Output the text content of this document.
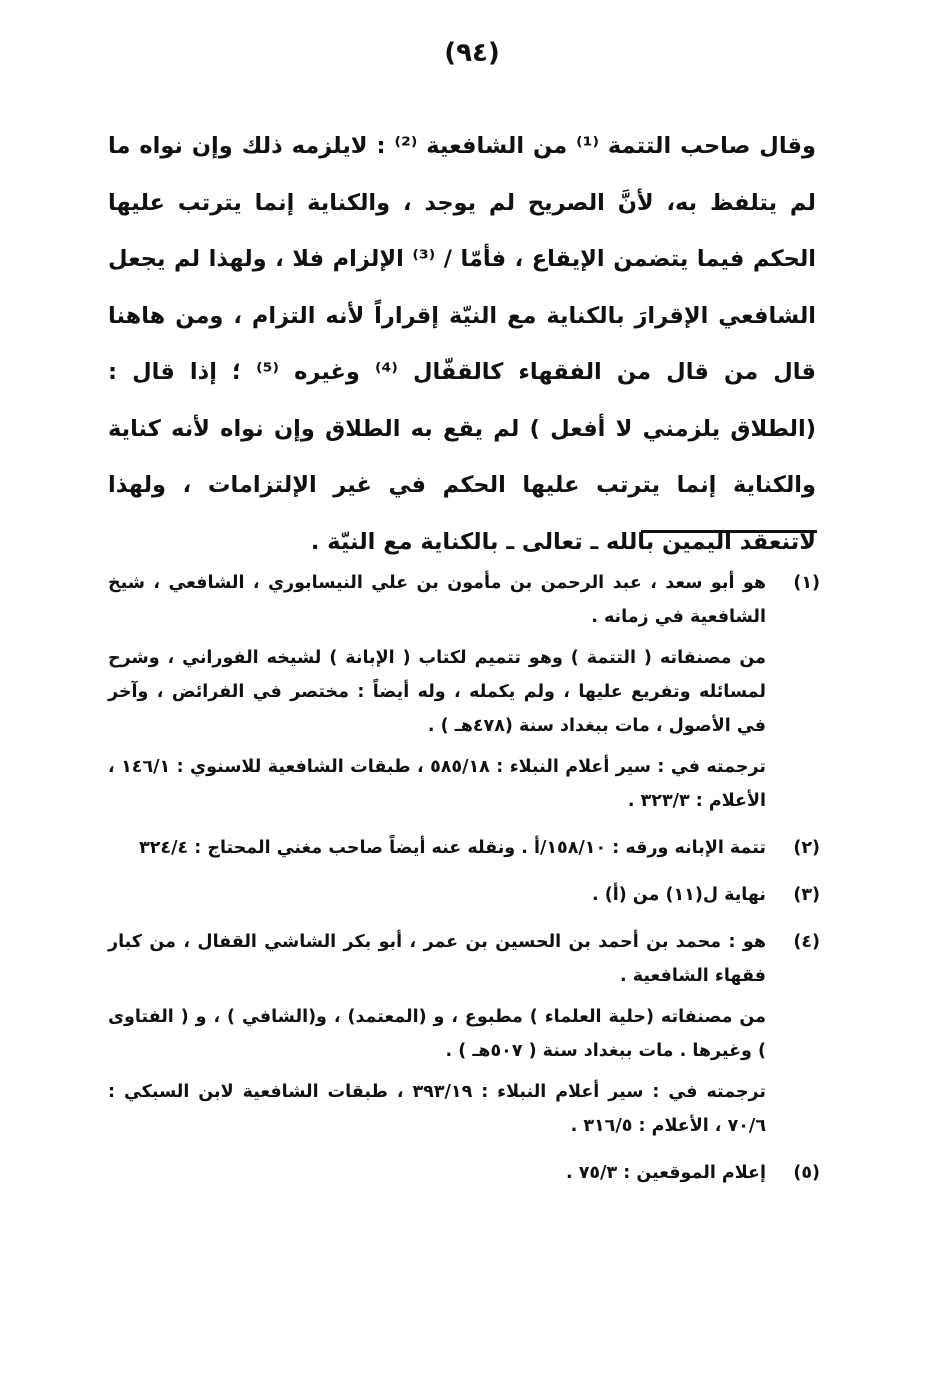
(٩٤)

وقال صاحب التتمة ⁽¹⁾ من الشافعية ⁽²⁾ : لايلزمه ذلك وإن نواه ما لم يتلفظ به، لأنَّ الصريح لم يوجد ، والكناية إنما يترتب عليها الحكم فيما يتضمن الإيقاع ، فأمّا / ⁽³⁾ الإلزام فلا ، ولهذا لم يجعل الشافعي الإقرارَ بالكناية مع النيّة إقراراً لأنه التزام ، ومن هاهنا قال من قال من الفقهاء كالقفّال ⁽⁴⁾ وغيره ⁽⁵⁾ ؛ إذا قال : (الطلاق يلزمني لا أفعل ) لم يقع به الطلاق وإن نواه لأنه كناية والكناية إنما يترتب عليها الحكم في غير الإلتزامات ، ولهذا لاتنعقد اليمين بالله ـ تعالى ـ بالكناية مع النيّة .

(١)

هو أبو سعد ، عبد الرحمن بن مأمون بن علي النيسابوري ، الشافعي ، شيخ الشافعية في زمانه .

من مصنفاته ( التتمة ) وهو تتميم لكتاب ( الإبانة ) لشيخه الفوراني ، وشرح لمسائله وتفريع عليها ، ولم يكمله ، وله أيضاً : مختصر في الفرائض ، وآخر في الأصول ، مات ببغداد سنة (٤٧٨هـ ) .

ترجمته في : سير أعلام النبلاء : ٥٨٥/١٨ ، طبقات الشافعية للاسنوي : ١٤٦/١ ، الأعلام : ٣٢٣/٣ .

(٢)

تتمة الإبانه ورقه : ١٥٨/١٠/أ . ونقله عنه أيضاً صاحب مغني المحتاج : ٣٢٤/٤

(٣)

نهاية ل(١١) من (أ) .

(٤)

هو : محمد بن أحمد بن الحسين بن عمر ، أبو بكر الشاشي القفال ، من كبار فقهاء الشافعية .

من مصنفاته (حلية العلماء ) مطبوع ، و (المعتمد) ، و(الشافي ) ، و ( الفتاوى ) وغيرها . مات ببغداد سنة ( ٥٠٧هـ ) .

ترجمته في : سير أعلام النبلاء : ٣٩٣/١٩ ، طبقات الشافعية لابن السبكي : ٧٠/٦ ، الأعلام : ٣١٦/٥ .

(٥)

إعلام الموقعين : ٧٥/٣ .
